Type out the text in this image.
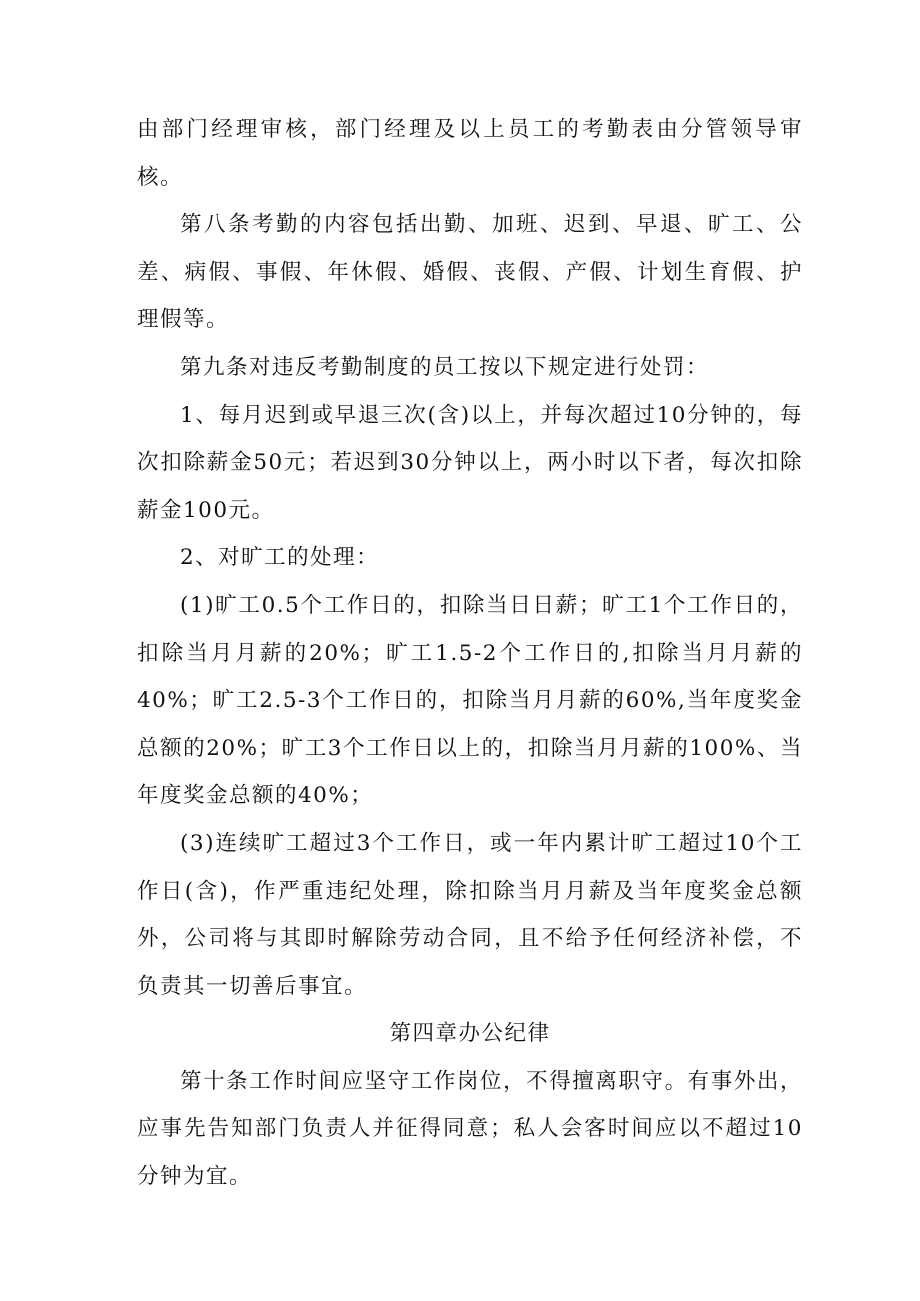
由部门经理审核，部门经理及以上员工的考勤表由分管领导审核。

第八条考勤的内容包括出勤、加班、迟到、早退、旷工、公差、病假、事假、年休假、婚假、丧假、产假、计划生育假、护理假等。

第九条对违反考勤制度的员工按以下规定进行处罚：

1、每月迟到或早退三次(含)以上，并每次超过10分钟的，每次扣除薪金50元；若迟到30分钟以上，两小时以下者，每次扣除薪金100元。

2、对旷工的处理：

(1)旷工0.5个工作日的，扣除当日日薪；旷工1个工作日的，扣除当月月薪的20%；旷工1.5-2个工作日的,扣除当月月薪的40%；旷工2.5-3个工作日的，扣除当月月薪的60%,当年度奖金总额的20%；旷工3个工作日以上的，扣除当月月薪的100%、当年度奖金总额的40%；

(3)连续旷工超过3个工作日，或一年内累计旷工超过10个工作日(含)，作严重违纪处理，除扣除当月月薪及当年度奖金总额外，公司将与其即时解除劳动合同，且不给予任何经济补偿，不负责其一切善后事宜。

第四章办公纪律

第十条工作时间应坚守工作岗位，不得擅离职守。有事外出，应事先告知部门负责人并征得同意；私人会客时间应以不超过10分钟为宜。
